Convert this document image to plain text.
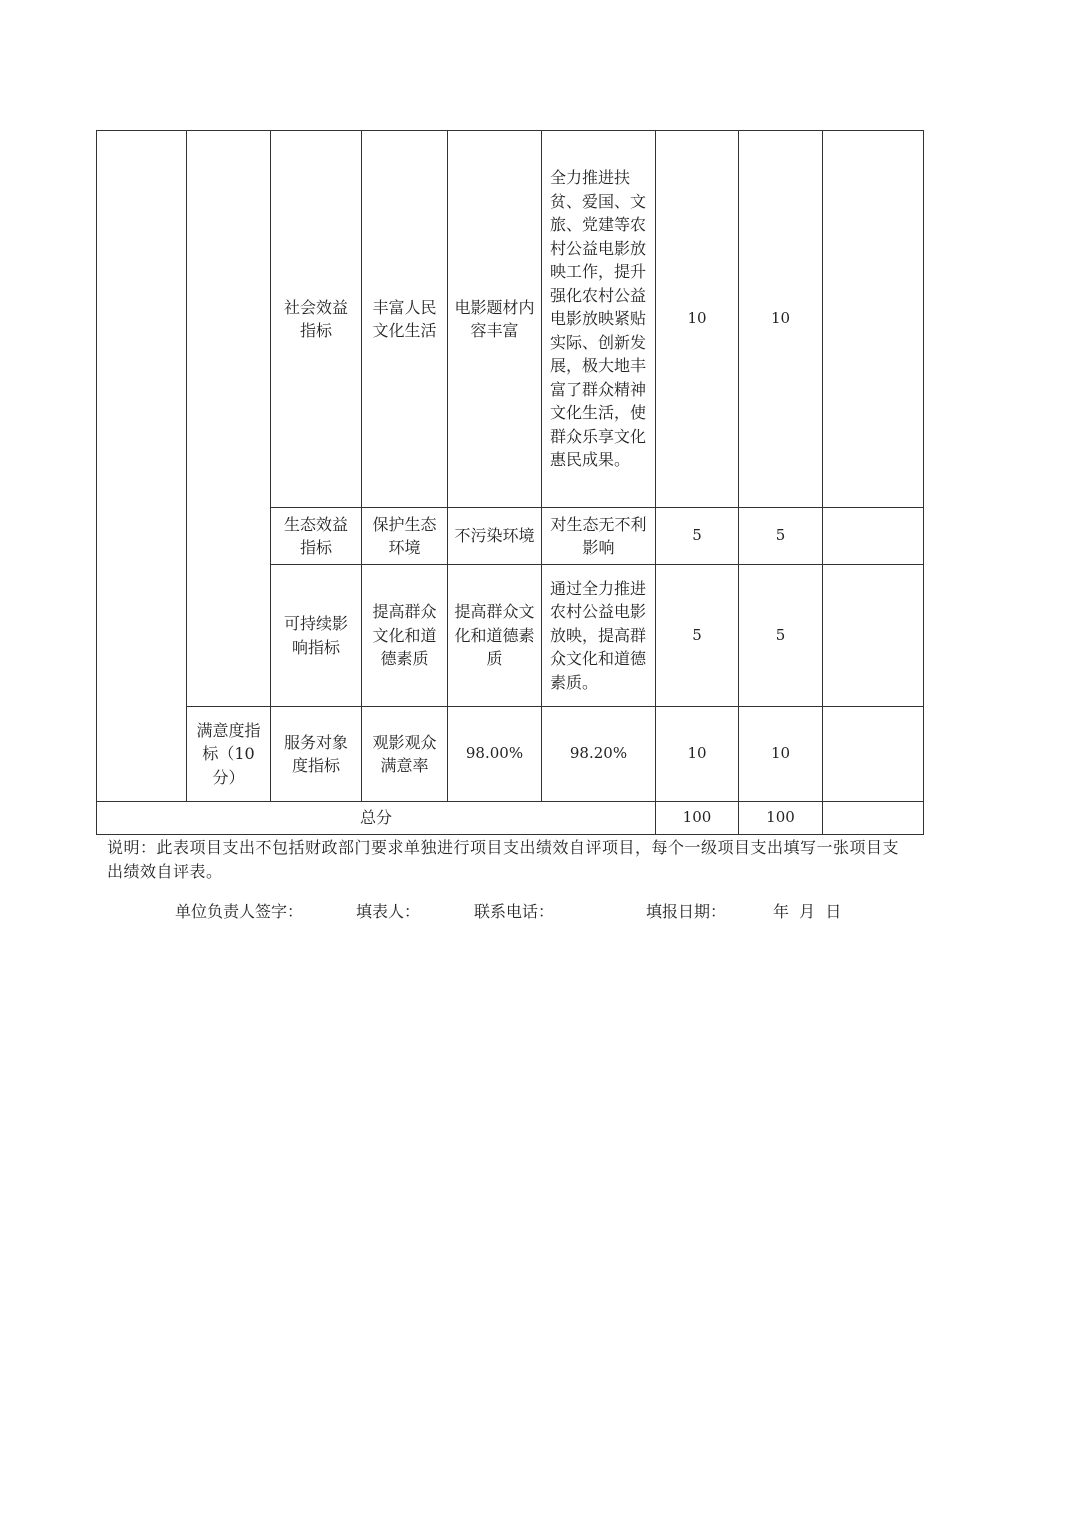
		社会效益指标	丰富人民文化生活	电影题材内容丰富	全力推进扶贫、爱国、文旅、党建等农村公益电影放映工作，提升强化农村公益电影放映紧贴实际、创新发展，极大地丰富了群众精神文化生活，使群众乐享文化惠民成果。	10	10	
		生态效益指标	保护生态环境	不污染环境	对生态无不利影响	5	5	
		可持续影响指标	提高群众文化和道德素质	提高群众文化和道德素质	通过全力推进农村公益电影放映，提高群众文化和道德素质。	5	5	
	满意度指标（10分）	服务对象度指标	观影观众满意率	98.00%	98.20%	10	10	
总分						100	100	
说明：此表项目支出不包括财政部门要求单独进行项目支出绩效自评项目，每个一级项目支出填写一张项目支出绩效自评表。
单位负责人签字：	填表人：	联系电话：	填报日期：	年  月  日
